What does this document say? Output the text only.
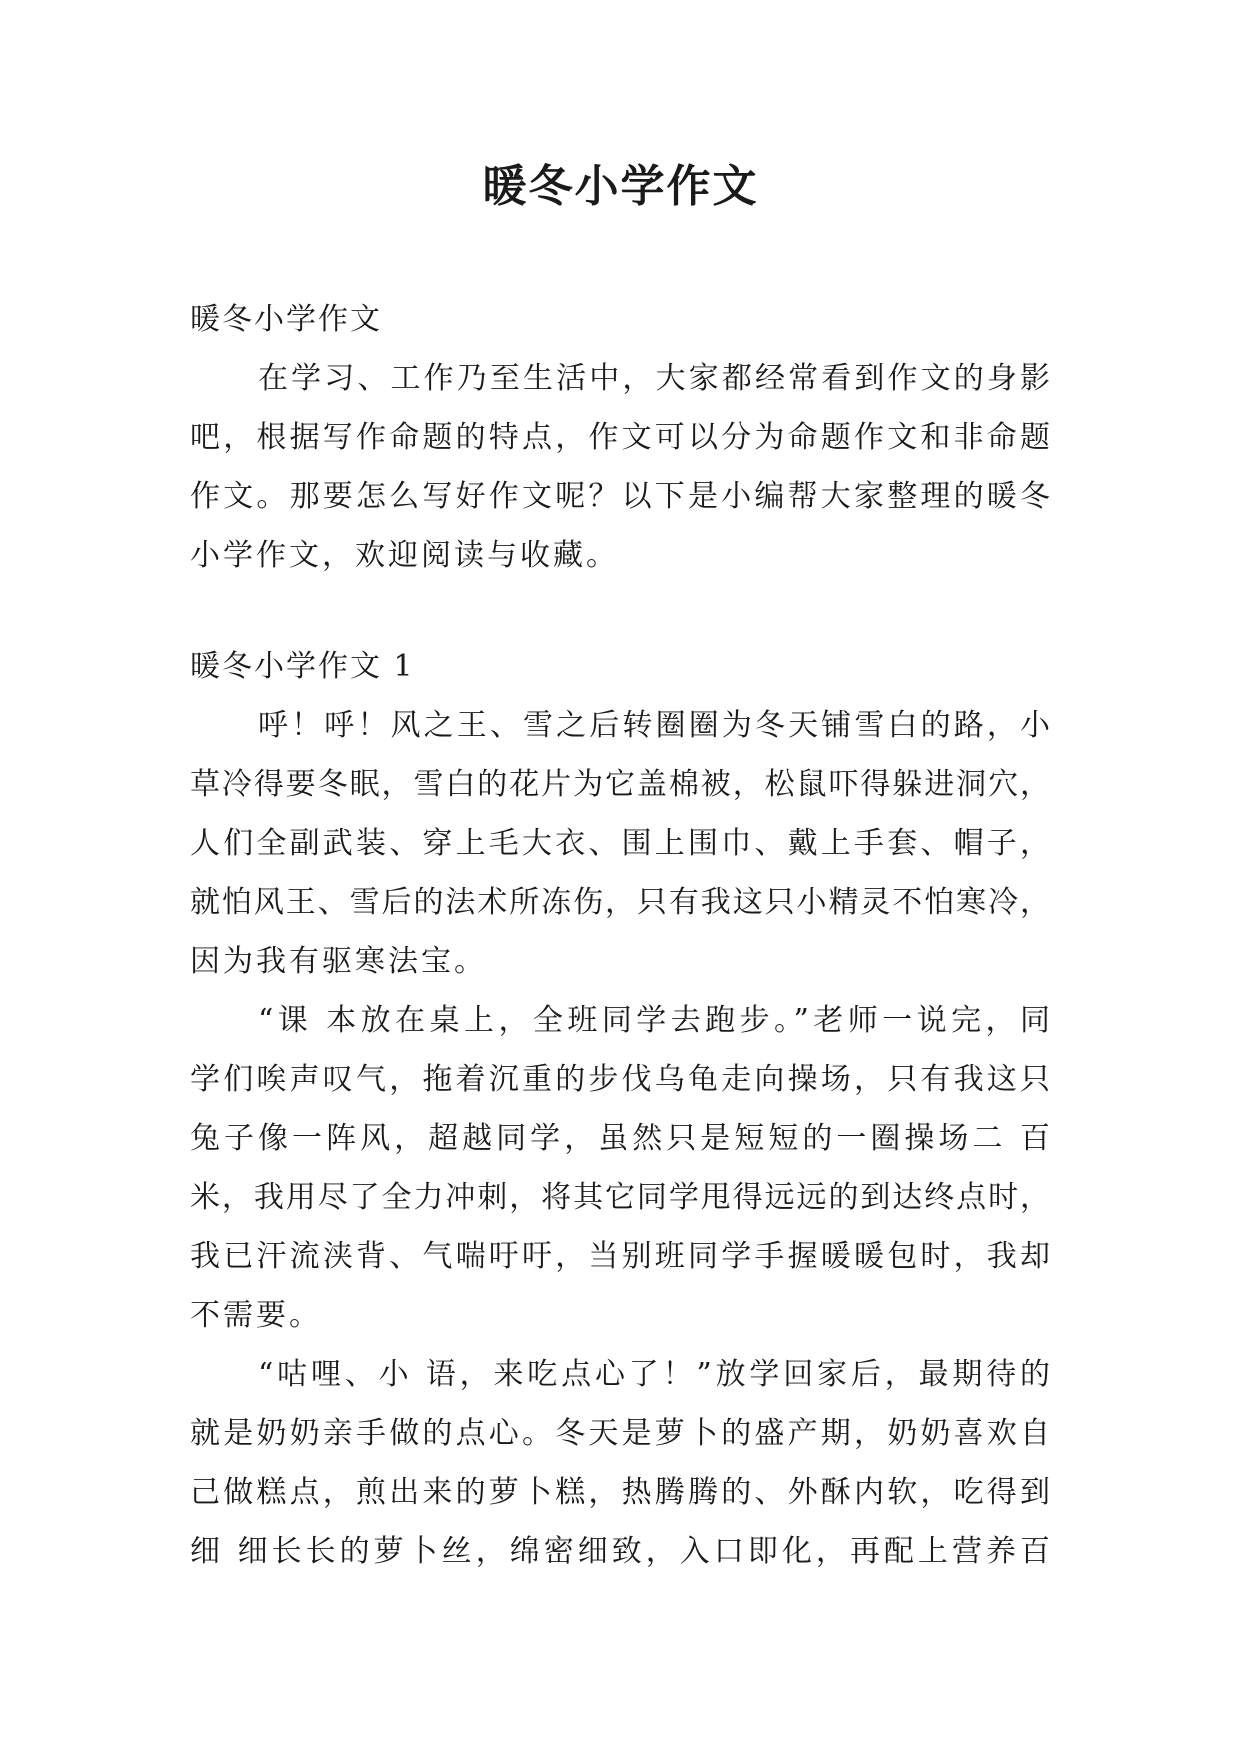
暖冬小学作文
暖冬小学作文
在学习、工作乃至生活中，大家都经常看到作文的身影
吧，根据写作命题的特点，作文可以分为命题作文和非命题
作文。那要怎么写好作文呢？以下是小编帮大家整理的暖冬
小学作文，欢迎阅读与收藏。
暖冬小学作文 1
呼！呼！风之王、雪之后转圈圈为冬天铺雪白的路，小
草冷得要冬眠，雪白的花片为它盖棉被，松鼠吓得躲进洞穴，
人们全副武装、穿上毛大衣、围上围巾、戴上手套、帽子，
就怕风王、雪后的法术所冻伤，只有我这只小精灵不怕寒冷，
因为我有驱寒法宝。
“课 本放在桌上，全班同学去跑步。”老师一说完，同
学们唉声叹气，拖着沉重的步伐乌龟走向操场，只有我这只
兔子像一阵风，超越同学，虽然只是短短的一圈操场二 百
米，我用尽了全力冲刺，将其它同学甩得远远的到达终点时，
我已汗流浃背、气喘吁吁，当别班同学手握暖暖包时，我却
不需要。
“咕哩、小 语，来吃点心了！”放学回家后，最期待的
就是奶奶亲手做的点心。冬天是萝卜的盛产期，奶奶喜欢自
己做糕点，煎出来的萝卜糕，热腾腾的、外酥内软，吃得到
细 细长长的萝卜丝，绵密细致，入口即化，再配上营养百
